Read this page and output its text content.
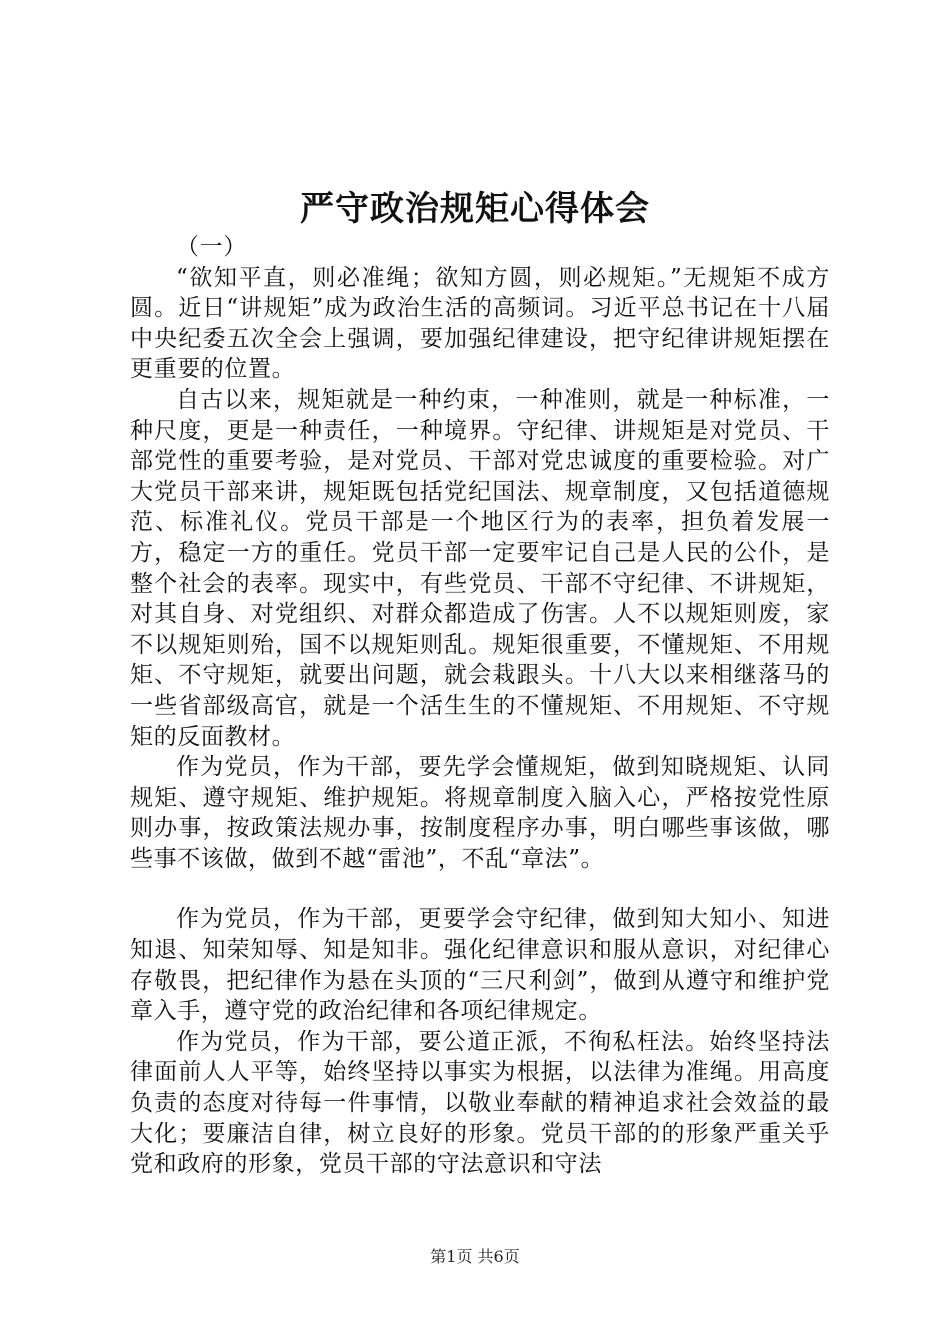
严守政治规矩心得体会

（一）

“欲知平直，则必准绳；欲知方圆，则必规矩。”无规矩不成方圆。近日“讲规矩”成为政治生活的高频词。习近平总书记在十八届中央纪委五次全会上强调，要加强纪律建设，把守纪律讲规矩摆在更重要的位置。

自古以来，规矩就是一种约束，一种准则，就是一种标准，一种尺度，更是一种责任，一种境界。守纪律、讲规矩是对党员、干部党性的重要考验，是对党员、干部对党忠诚度的重要检验。对广大党员干部来讲，规矩既包括党纪国法、规章制度，又包括道德规范、标准礼仪。党员干部是一个地区行为的表率，担负着发展一方，稳定一方的重任。党员干部一定要牢记自己是人民的公仆，是整个社会的表率。现实中，有些党员、干部不守纪律、不讲规矩，对其自身、对党组织、对群众都造成了伤害。人不以规矩则废，家不以规矩则殆，国不以规矩则乱。规矩很重要，不懂规矩、不用规矩、不守规矩，就要出问题，就会栽跟头。十八大以来相继落马的一些省部级高官，就是一个活生生的不懂规矩、不用规矩、不守规矩的反面教材。

作为党员，作为干部，要先学会懂规矩，做到知晓规矩、认同规矩、遵守规矩、维护规矩。将规章制度入脑入心，严格按党性原则办事，按政策法规办事，按制度程序办事，明白哪些事该做，哪些事不该做，做到不越“雷池”，不乱“章法”。

作为党员，作为干部，更要学会守纪律，做到知大知小、知进知退、知荣知辱、知是知非。强化纪律意识和服从意识，对纪律心存敬畏，把纪律作为悬在头顶的“三尺利剑”，做到从遵守和维护党章入手，遵守党的政治纪律和各项纪律规定。

作为党员，作为干部，要公道正派，不徇私枉法。始终坚持法律面前人人平等，始终坚持以事实为根据，以法律为准绳。用高度负责的态度对待每一件事情，以敬业奉献的精神追求社会效益的最大化；要廉洁自律，树立良好的形象。党员干部的的形象严重关乎党和政府的形象，党员干部的守法意识和守法

第1页 共6页
